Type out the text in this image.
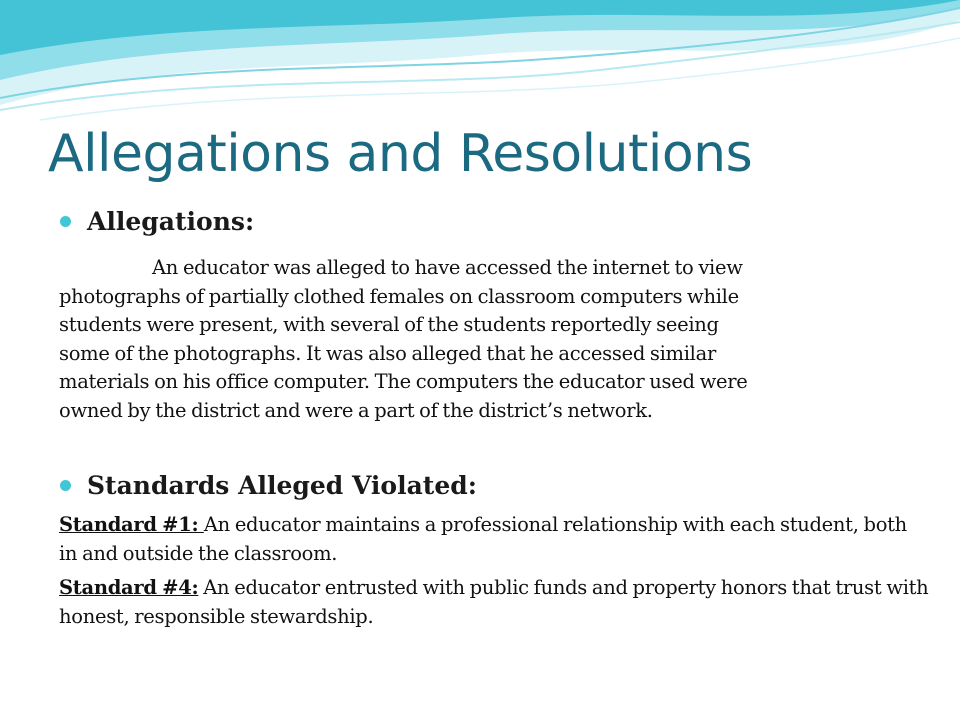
Allegations and Resolutions
Allegations:
An educator was alleged to have accessed the internet to view
photographs of partially clothed females on classroom computers while
students were present, with several of the students reportedly seeing
some of the photographs. It was also alleged that he accessed similar
materials on his office computer. The computers the educator used were
owned by the district and were a part of the district’s network.
Standards Alleged Violated:

Standard #1: An educator maintains a professional relationship with each student, both in and outside the classroom.

Standard #4: An educator entrusted with public funds and property honors that trust with honest, responsible stewardship.
